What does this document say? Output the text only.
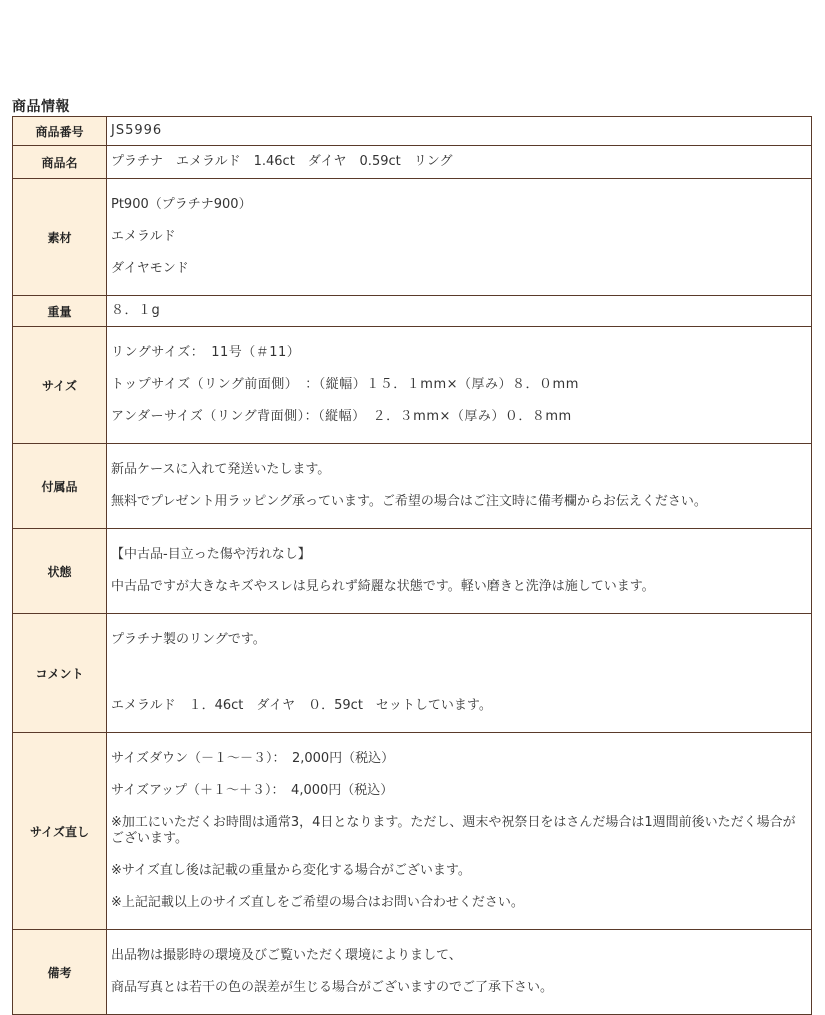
商品情報
商品番号	JS5996
商品名	プラチナ　エメラルド　1.46ct　ダイヤ　0.59ct　リング
素材	Pt900（プラチナ900）

エメラルド

ダイヤモンド

重量	８．１g
サイズ	リングサイズ：　11号（＃11）

トップサイズ（リング前面側）　：（縦幅）１５．１mm×（厚み）８．０mm

アンダーサイズ（リング背面側）：（縦幅）　２．３mm×（厚み）０．８mm

付属品	新品ケースに入れて発送いたします。

無料でプレゼント用ラッピング承っています。ご希望の場合はご注文時に備考欄からお伝えください。

状態	【中古品-目立った傷や汚れなし】

中古品ですが大きなキズやスレは見られず綺麗な状態です。軽い磨きと洗浄は施しています。

コメント	プラチナ製のリングです。

エメラルド　１．46ct　ダイヤ　０．59ct　セットしています。

サイズ直し	サイズダウン（－１～－３）：　2,000円（税込）

サイズアップ（＋１～＋３）：　4,000円（税込）

※加工にいただくお時間は通常3，4日となります。ただし、週末や祝祭日をはさんだ場合は1週間前後いただく場合がございます。

※サイズ直し後は記載の重量から変化する場合がございます。

※上記記載以上のサイズ直しをご希望の場合はお問い合わせください。

備考	出品物は撮影時の環境及びご覧いただく環境によりまして、

商品写真とは若干の色の誤差が生じる場合がございますのでご了承下さい。
